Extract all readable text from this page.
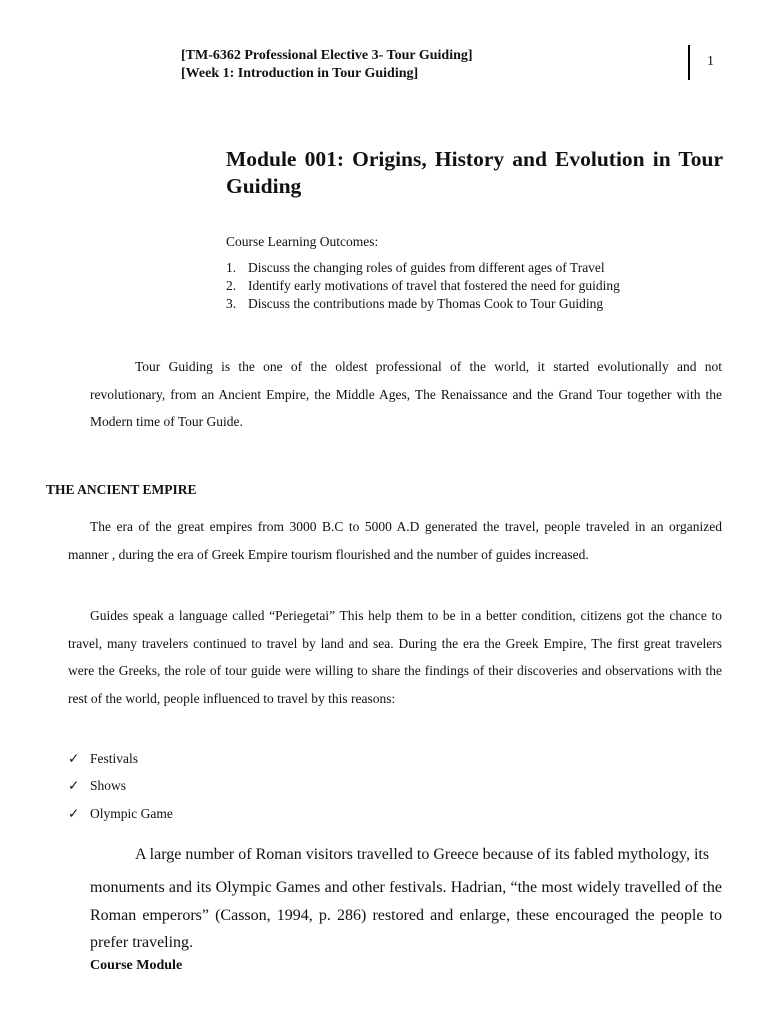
[TM-6362 Professional Elective 3- Tour Guiding]
[Week 1: Introduction in Tour Guiding]
1
Module 001: Origins, History and Evolution in Tour Guiding
Course Learning Outcomes:
1. Discuss the changing roles of guides from different ages of Travel
2. Identify early motivations of travel that fostered the need for guiding
3. Discuss the contributions made by Thomas Cook to Tour Guiding
Tour Guiding is the one of the oldest professional of the world, it started evolutionally and not revolutionary, from an Ancient Empire, the Middle Ages, The Renaissance and the Grand Tour together with the Modern time of Tour Guide.
THE ANCIENT EMPIRE
The era of the great empires from 3000 B.C to 5000 A.D generated the travel, people traveled in an organized manner , during the era of Greek Empire tourism flourished and the number of guides increased.
Guides speak a language called “Periegetai” This help them to be in a better condition, citizens got the chance to travel, many travelers continued to travel by land and sea. During the era the Greek Empire, The first great travelers were the Greeks, the role of tour guide were willing to share the findings of their discoveries and observations with the rest of the world, people influenced to travel by this reasons:
✓ Festivals
✓ Shows
✓ Olympic Game
A large number of Roman visitors travelled to Greece because of its fabled mythology, its
monuments and its Olympic Games and other festivals. Hadrian, “the most widely travelled of the Roman emperors” (Casson, 1994, p. 286) restored and enlarge, these encouraged the people to prefer traveling.
Course Module
